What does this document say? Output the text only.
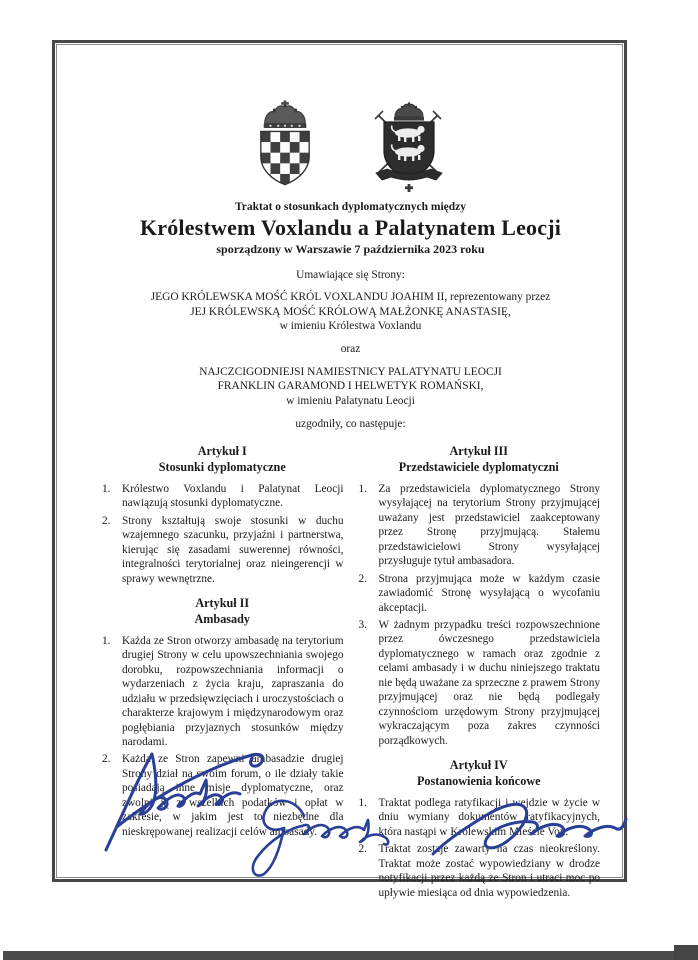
Traktat o stosunkach dyplomatycznych między
Królestwem Voxlandu a Palatynatem Leocji
sporządzony w Warszawie 7 października 2023 roku
Umawiające się Strony:
JEGO KRÓLEWSKA MOŚĆ KRÓL VOXLANDU JOAHIM II, reprezentowany przez
JEJ KRÓLEWSKĄ MOŚĆ KRÓLOWĄ MAŁŻONKĘ ANASTASIĘ,
w imieniu Królestwa Voxlandu
oraz
NAJCZCIGODNIEJSI NAMIESTNICY PALATYNATU LEOCJI
FRANKLIN GARAMOND I HELWETYK ROMAŃSKI,
w imieniu Palatynatu Leocji
uzgodniły, co następuje:
Artykuł I
Stosunki dyplomatyczne
Królestwo Voxlandu i Palatynat Leocji nawiązują stosunki dyplomatyczne.
Strony kształtują swoje stosunki w duchu wzajemnego szacunku, przyjaźni i partnerstwa, kierując się zasadami suwerennej równości, integralności terytorialnej oraz nieingerencji w sprawy wewnętrzne.
Artykuł II
Ambasady
Każda ze Stron otworzy ambasadę na terytorium drugiej Strony w celu upowszechniania swojego dorobku, rozpowszechniania informacji o wydarzeniach z życia kraju, zapraszania do udziału w przedsięwzięciach i uroczystościach o charakterze krajowym i międzynarodowym oraz pogłębiania przyjaznych stosunków między narodami.
Każda ze Stron zapewni ambasadzie drugiej Strony dział na swoim forum, o ile działy takie posiadają inne misje dyplomatyczne, oraz zwolni ją z wszelkich podatków i opłat w zakresie, w jakim jest to niezbędne dla nieskrępowanej realizacji celów ambasady.
Artykuł III
Przedstawiciele dyplomatyczni
Za przedstawiciela dyplomatycznego Strony wysyłającej na terytorium Strony przyjmującej uważany jest przedstawiciel zaakceptowany przez Stronę przyjmującą. Stałemu przedstawicielowi Strony wysyłającej przysługuje tytuł ambasadora.
Strona przyjmująca może w każdym czasie zawiadomić Stronę wysyłającą o wycofaniu akceptacji.
W żadnym przypadku treści rozpowszechnione przez ówczesnego przedstawiciela dyplomatycznego w ramach oraz zgodnie z celami ambasady i w duchu niniejszego traktatu nie będą uważane za sprzeczne z prawem Strony przyjmującej oraz nie będą podlegały czynnościom urzędowym Strony przyjmującej wykraczającym poza zakres czynności porządkowych.
Artykuł IV
Postanowienia końcowe
Traktat podlega ratyfikacji i wejdzie w życie w dniu wymiany dokumentów ratyfikacyjnych, która nastąpi w Królewskim Mieście Vox.
Traktat zostaje zawarty na czas nieokreślony. Traktat może zostać wypowiedziany w drodze notyfikacji przez każdą ze Stron i utraci moc po upływie miesiąca od dnia wypowiedzenia.
